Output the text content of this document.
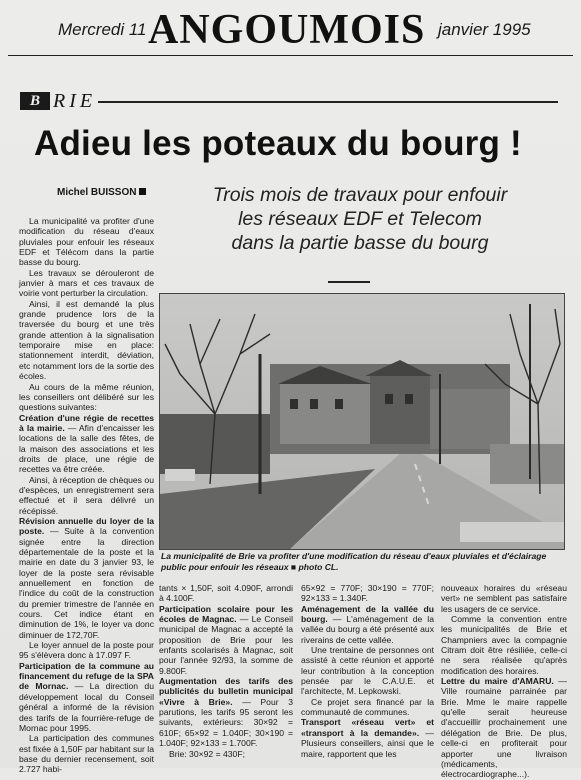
Mercredi 11 ANGOUMOIS janvier 1995
B RIE
Adieu les poteaux du bourg !
Michel BUISSON	Trois mois de travaux pour enfouir
les réseaux EDF et Telecom
dans la partie basse du bourg

La municipalité va profiter d'une modification du réseau d'eaux pluviales pour enfouir les réseaux EDF et Télécom dans la partie basse du bourg.

Les travaux se dérouleront de janvier à mars et ces travaux de voirie vont perturber la circulation.

Ainsi, il est demandé la plus grande prudence lors de la traversée du bourg et une très grande attention à la signalisation temporaire mise en place: stationnement interdit, déviation, etc notamment lors de la sortie des écoles.

Au cours de la même réunion, les conseillers ont délibéré sur les questions suivantes:

Création d'une régie de recettes à la mairie. — Afin d'encaisser les locations de la salle des fêtes, de la maison des associations et les droits de place, une régie de recettes va être créée.

Ainsi, à réception de chèques ou d'espèces, un enregistrement sera effectué et il sera délivré un récépissé.

Révision annuelle du loyer de la poste. — Suite à la convention signée entre la direction départementale de la poste et la mairie en date du 3 janvier 93, le loyer de la poste sera révisable annuellement en fonction de l'indice du coût de la construction du premier trimestre de l'année en cours. Cet indice étant en diminution de 1%, le loyer va donc diminuer de 172,70F.

Le loyer annuel de la poste pour 95 s'élèvera donc à 17.097 F.

Participation de la commune au financement du refuge de la SPA de Mornac. — La direction du développement local du Conseil général a informé de la révision des tarifs de la fourrière-refuge de Mornac pour 1995.

La participation des communes est fixée à 1,50F par habitant sur la base du dernier recensement, soit 2.727 habi-

La municipalité de Brie va profiter d'une modification du réseau d'eaux pluviales et d'éclairage public pour enfouir les réseaux ■ photo CL.

tants × 1,50F, soit 4.090F, arrondi à 4.100F.

Participation scolaire pour les écoles de Magnac. — Le Conseil municipal de Magnac a accepté la proposition de Brie pour les enfants scolarisés à Magnac, soit pour l'année 92/93, la somme de 9.800F.

Augmentation des tarifs des publicités du bulletin municipal «Vivre à Brie». — Pour 3 parutions, les tarifs 95 seront les suivants, extérieurs: 30×92 = 610F; 65×92 = 1.040F; 30×190 = 1.040F; 92×133 = 1.700F.

Brie: 30×92 = 430F;

65×92 = 770F; 30×190 = 770F; 92×133 = 1.340F.

Aménagement de la vallée du bourg. — L'aménagement de la vallée du bourg a été présenté aux riverains de cette vallée.

Une trentaine de personnes ont assisté à cette réunion et apporté leur contribution à la conception pensée par le C.A.U.E. et l'architecte, M. Lepkowski.

Ce projet sera financé par la communauté de communes.

Transport «réseau vert» et «transport à la demande». — Plusieurs conseillers, ainsi que le maire, rapportent que les

nouveaux horaires du «réseau vert» ne semblent pas satisfaire les usagers de ce service.

Comme la convention entre les municipalités de Brie et Champniers avec la compagnie Citram doit être résiliée, celle-ci ne sera réalisée qu'après modification des horaires.

Lettre du maire d'AMARU. — Ville roumaine parrainée par Brie. Mme le maire rappelle qu'elle serait heureuse d'accueillir prochainement une délégation de Brie. De plus, celle-ci en profiterait pour apporter une livraison (médicaments, électrocardiographe...).
